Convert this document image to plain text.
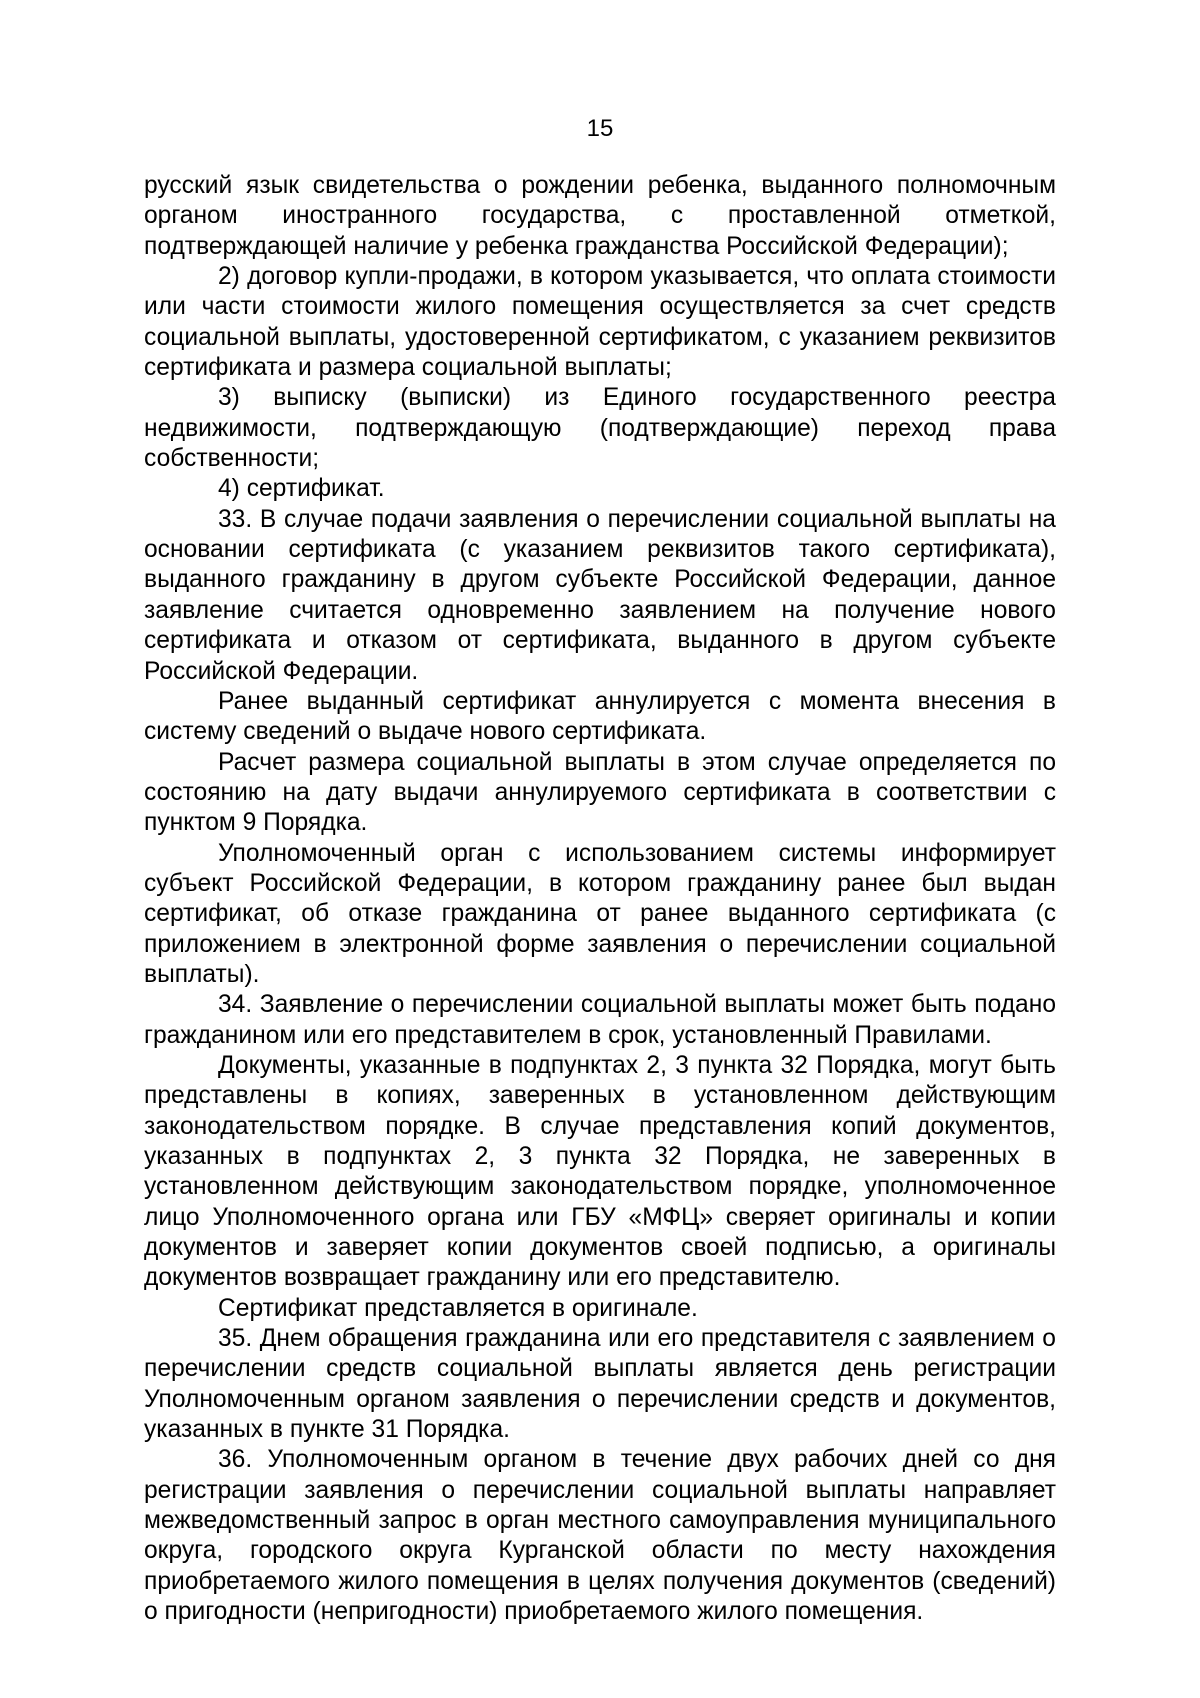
15

русский язык свидетельства о рождении ребенка, выданного полномочным органом иностранного государства, с проставленной отметкой, подтверждающей наличие у ребенка гражданства Российской Федерации);

2) договор купли-продажи, в котором указывается, что оплата стоимости или части стоимости жилого помещения осуществляется за счет средств социальной выплаты, удостоверенной сертификатом, с указанием реквизитов сертификата и размера социальной выплаты;

3) выписку (выписки) из Единого государственного реестра недвижимости, подтверждающую (подтверждающие) переход права собственности;

4) сертификат.

33. В случае подачи заявления о перечислении социальной выплаты на основании сертификата (с указанием реквизитов такого сертификата), выданного гражданину в другом субъекте Российской Федерации, данное заявление считается одновременно заявлением на получение нового сертификата и отказом от сертификата, выданного в другом субъекте Российской Федерации.

Ранее выданный сертификат аннулируется с момента внесения в систему сведений о выдаче нового сертификата.

Расчет размера социальной выплаты в этом случае определяется по состоянию на дату выдачи аннулируемого сертификата в соответствии с пунктом 9 Порядка.

Уполномоченный орган с использованием системы информирует субъект Российской Федерации, в котором гражданину ранее был выдан сертификат, об отказе гражданина от ранее выданного сертификата (с приложением в электронной форме заявления о перечислении социальной выплаты).

34. Заявление о перечислении социальной выплаты может быть подано гражданином или его представителем в срок, установленный Правилами.

Документы, указанные в подпунктах 2, 3 пункта 32 Порядка, могут быть представлены в копиях, заверенных в установленном действующим законодательством порядке. В случае представления копий документов, указанных в подпунктах 2, 3 пункта 32 Порядка, не заверенных в установленном действующим законодательством порядке, уполномоченное лицо Уполномоченного органа или ГБУ «МФЦ» сверяет оригиналы и копии документов и заверяет копии документов своей подписью, а оригиналы документов возвращает гражданину или его представителю.

Сертификат представляется в оригинале.

35. Днем обращения гражданина или его представителя с заявлением о перечислении средств социальной выплаты является день регистрации Уполномоченным органом заявления о перечислении средств и документов, указанных в пункте 31 Порядка.

36. Уполномоченным органом в течение двух рабочих дней со дня регистрации заявления о перечислении социальной выплаты направляет межведомственный запрос в орган местного самоуправления муниципального округа, городского округа Курганской области по месту нахождения приобретаемого жилого помещения в целях получения документов (сведений) о пригодности (непригодности) приобретаемого жилого помещения.
